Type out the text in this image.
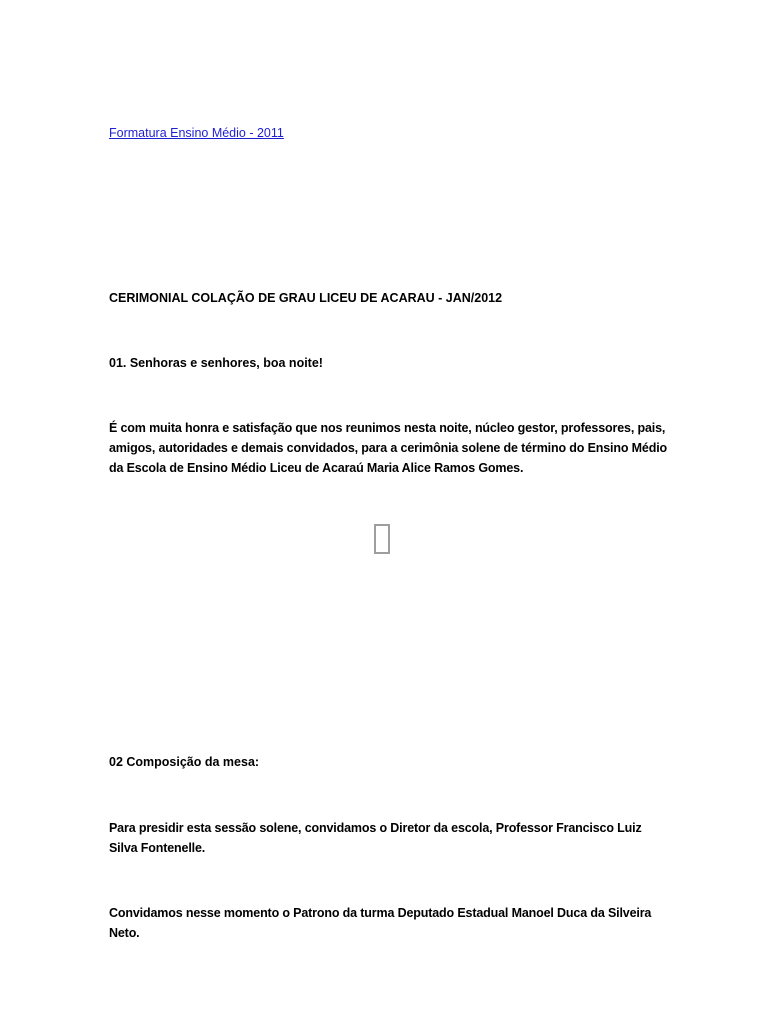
Formatura Ensino Médio - 2011
CERIMONIAL COLAÇÃO DE GRAU LICEU DE ACARAU - JAN/2012
01. Senhoras e senhores, boa noite!
É com muita honra e satisfação que nos reunimos nesta noite, núcleo gestor, professores, pais, amigos, autoridades e demais convidados, para a cerimônia solene de término do Ensino Médio da Escola de Ensino Médio Liceu de Acaraú Maria Alice Ramos Gomes.
02 Composição da mesa:
Para presidir esta sessão solene, convidamos o Diretor da escola, Professor Francisco Luiz Silva Fontenelle.
Convidamos nesse momento o Patrono da turma Deputado Estadual Manoel Duca da Silveira Neto.
